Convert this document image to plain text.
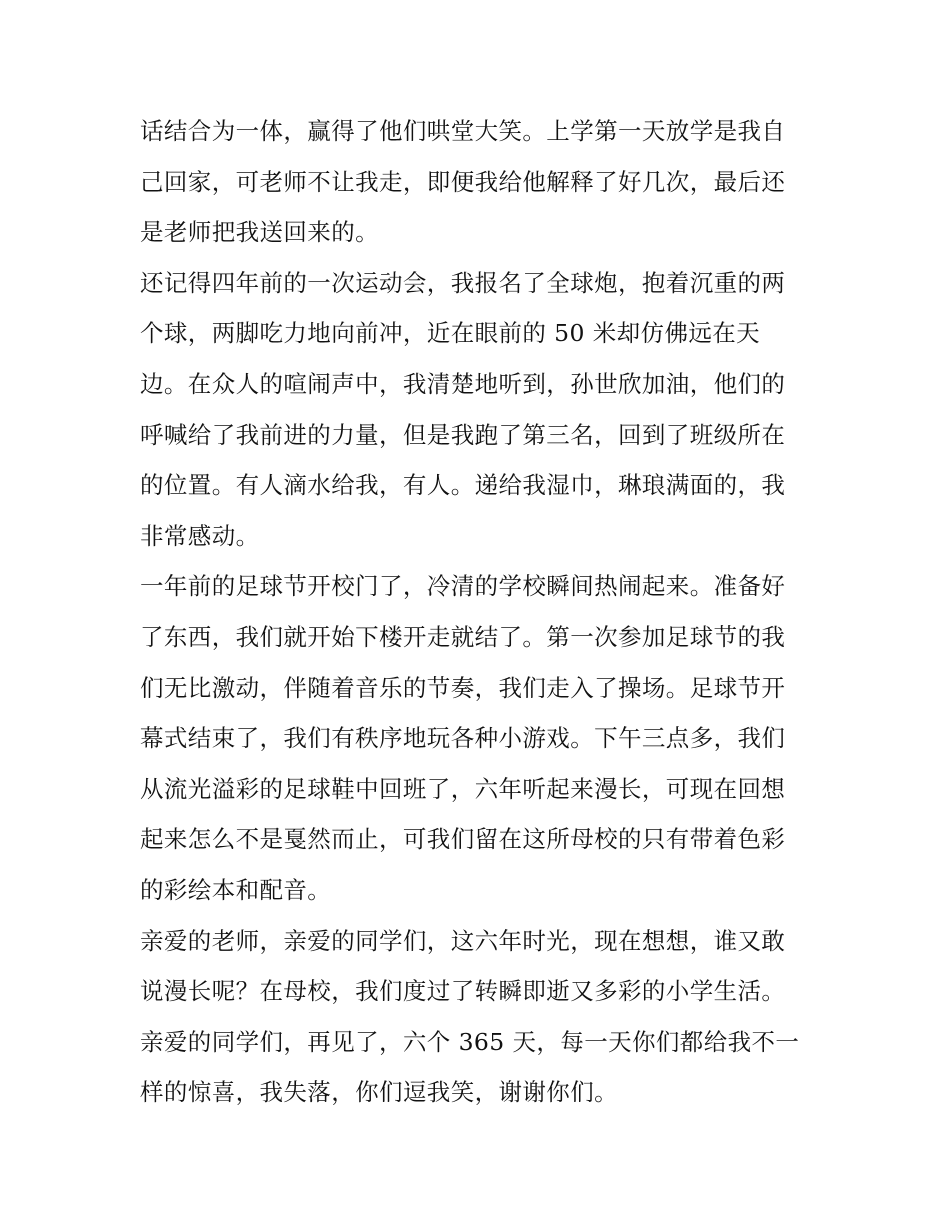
话结合为一体，赢得了他们哄堂大笑。上学第一天放学是我自
己回家，可老师不让我走，即便我给他解释了好几次，最后还
是老师把我送回来的。
还记得四年前的一次运动会，我报名了全球炮，抱着沉重的两
个球，两脚吃力地向前冲，近在眼前的 50 米却仿佛远在天
边。在众人的喧闹声中，我清楚地听到，孙世欣加油，他们的
呼喊给了我前进的力量，但是我跑了第三名，回到了班级所在
的位置。有人滴水给我，有人。递给我湿巾，琳琅满面的，我
非常感动。
一年前的足球节开校门了，冷清的学校瞬间热闹起来。准备好
了东西，我们就开始下楼开走就结了。第一次参加足球节的我
们无比激动，伴随着音乐的节奏，我们走入了操场。足球节开
幕式结束了，我们有秩序地玩各种小游戏。下午三点多，我们
从流光溢彩的足球鞋中回班了，六年听起来漫长，可现在回想
起来怎么不是戛然而止，可我们留在这所母校的只有带着色彩
的彩绘本和配音。
亲爱的老师，亲爱的同学们，这六年时光，现在想想，谁又敢
说漫长呢？在母校，我们度过了转瞬即逝又多彩的小学生活。
亲爱的同学们，再见了，六个 365 天，每一天你们都给我不一
样的惊喜，我失落，你们逗我笑，谢谢你们。
